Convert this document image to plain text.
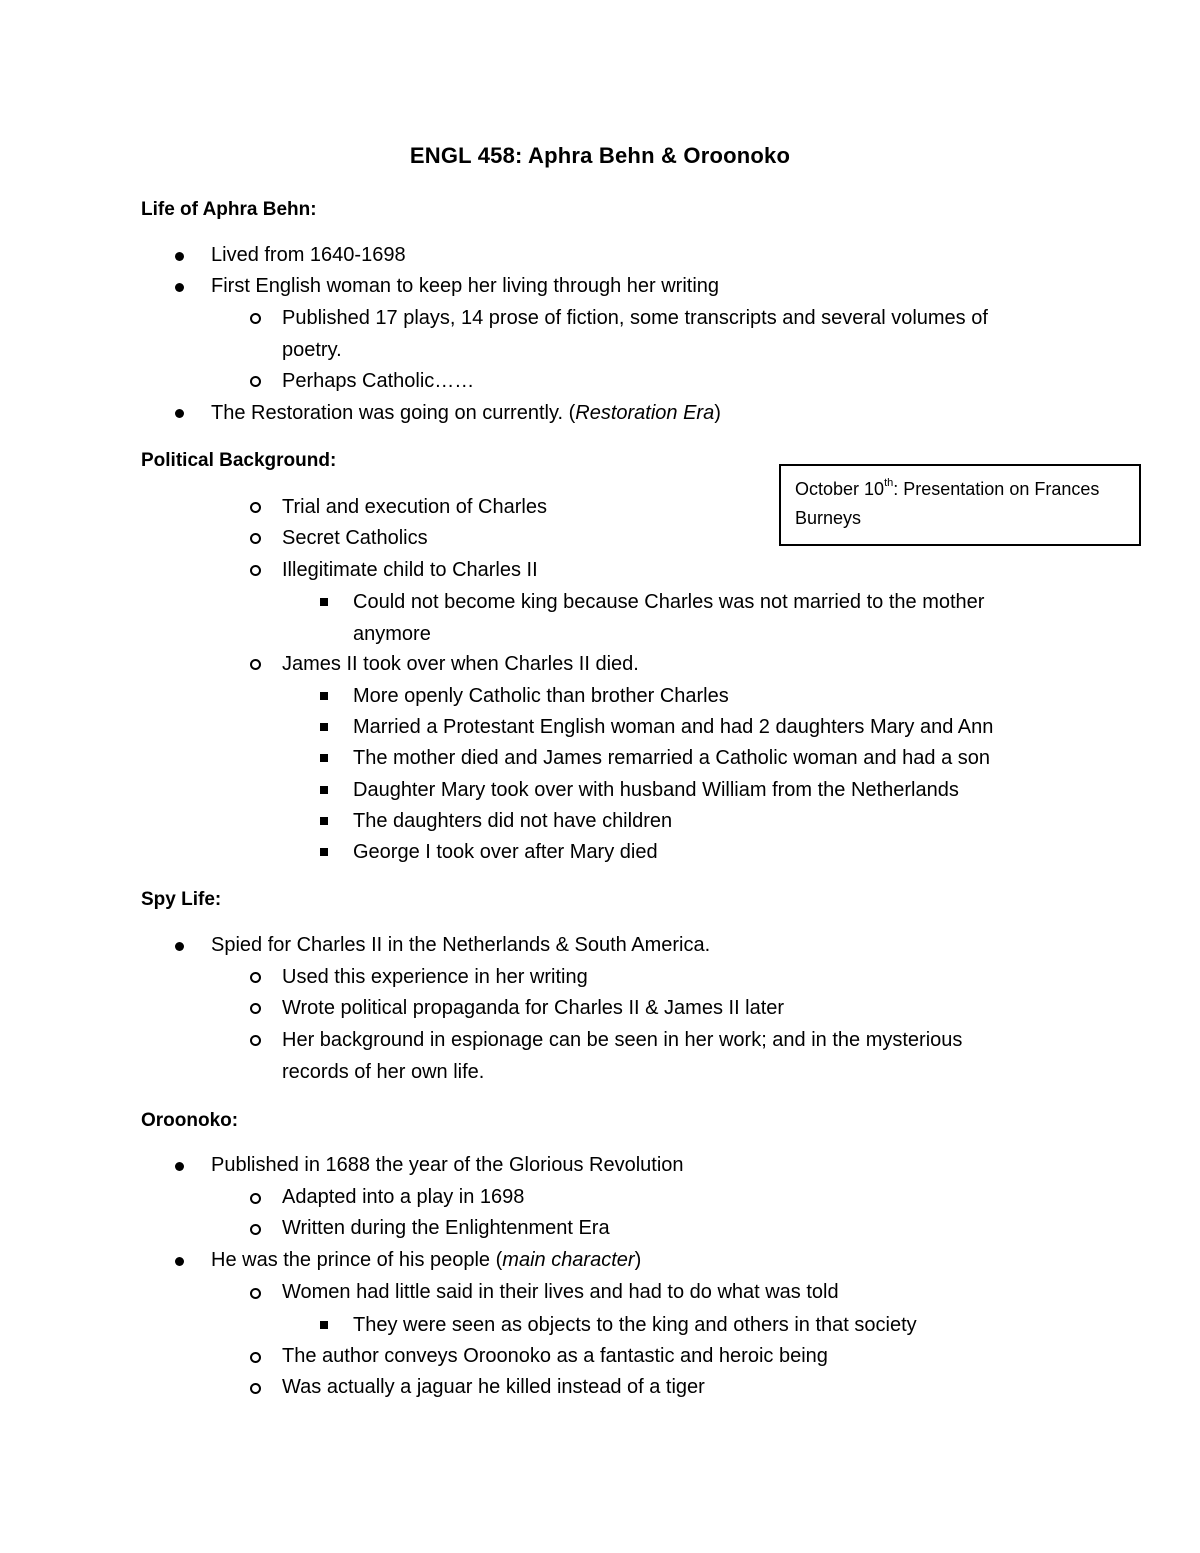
ENGL 458: Aphra Behn & Oroonoko
Life of Aphra Behn:
Lived from 1640-1698
First English woman to keep her living through her writing
Published 17 plays, 14 prose of fiction, some transcripts and several volumes of
poetry.
Perhaps Catholic……
The Restoration was going on currently. (Restoration Era)
Political Background:
October 10th: Presentation on Frances
Burneys
Trial and execution of Charles
Secret Catholics
Illegitimate child to Charles II
Could not become king because Charles was not married to the mother
anymore
James II took over when Charles II died.
More openly Catholic than brother Charles
Married a Protestant English woman and had 2 daughters Mary and Ann
The mother died and James remarried a Catholic woman and had a son
Daughter Mary took over with husband William from the Netherlands
The daughters did not have children
George I took over after Mary died
Spy Life:
Spied for Charles II in the Netherlands & South America.
Used this experience in her writing
Wrote political propaganda for Charles II & James II later
Her background in espionage can be seen in her work; and in the mysterious
records of her own life.
Oroonoko:
Published in 1688 the year of the Glorious Revolution
Adapted into a play in 1698
Written during the Enlightenment Era
He was the prince of his people (main character)
Women had little said in their lives and had to do what was told
They were seen as objects to the king and others in that society
The author conveys Oroonoko as a fantastic and heroic being
Was actually a jaguar he killed instead of a tiger
